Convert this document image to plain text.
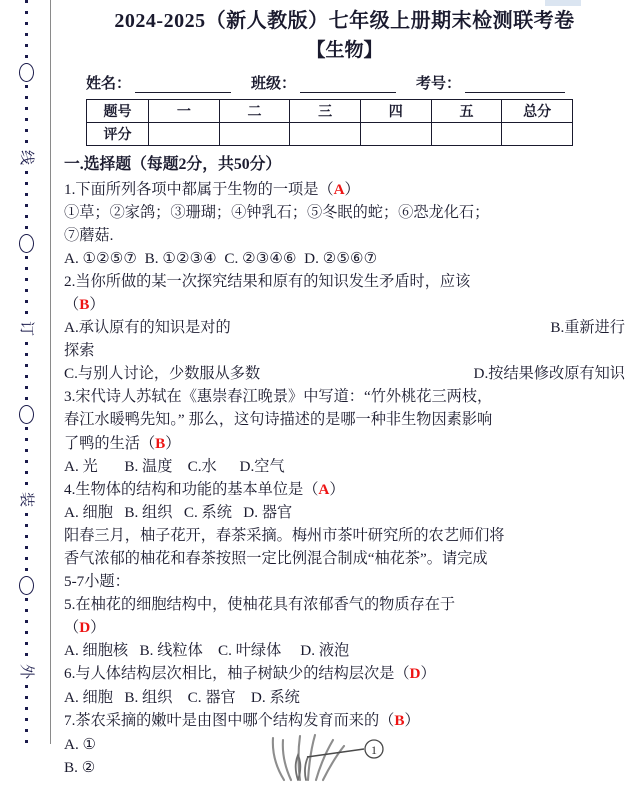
线
订
装
外
2024-2025（新人教版）七年级上册期末检测联考卷
【生物】
姓名：	班级：	考号：
题号	一	二	三	四	五	总分
评分						
一.选择题（每题2分，共50分）
1.下面所列各项中都属于生物的一项是（A）
①草；②家鸽；③珊瑚；④钟乳石；⑤冬眠的蛇；⑥恐龙化石；
⑦蘑菇.
A. ①②⑤⑦  B. ①②③④  C. ②③④⑥  D. ②⑤⑥⑦
2.当你所做的某一次探究结果和原有的知识发生矛盾时，应该
（B）
A.承认原有的知识是对的	B.重新进行
探索
C.与别人讨论，少数服从多数	D.按结果修改原有知识
3.宋代诗人苏轼在《惠崇春江晚景》中写道：“竹外桃花三两枝，
春江水暖鸭先知。” 那么，这句诗描述的是哪一种非生物因素影响
了鸭的生活（B）
A. 光       B. 温度    C.水      D.空气
4.生物体的结构和功能的基本单位是（A）
A. 细胞   B. 组织   C. 系统   D. 器官
阳春三月，柚子花开，春茶采摘。梅州市茶叶研究所的农艺师们将
香气浓郁的柚花和春茶按照一定比例混合制成“柚花茶”。请完成
5-7小题：
5.在柚花的细胞结构中，使柚花具有浓郁香气的物质存在于
（D）
A. 细胞核   B. 线粒体    C. 叶绿体     D. 液泡
6.与人体结构层次相比，柚子树缺少的结构层次是（D）
A. 细胞   B. 组织    C. 器官    D. 系统
7.茶农采摘的嫩叶是由图中哪个结构发育而来的（B）
A. ①
B. ②
1
